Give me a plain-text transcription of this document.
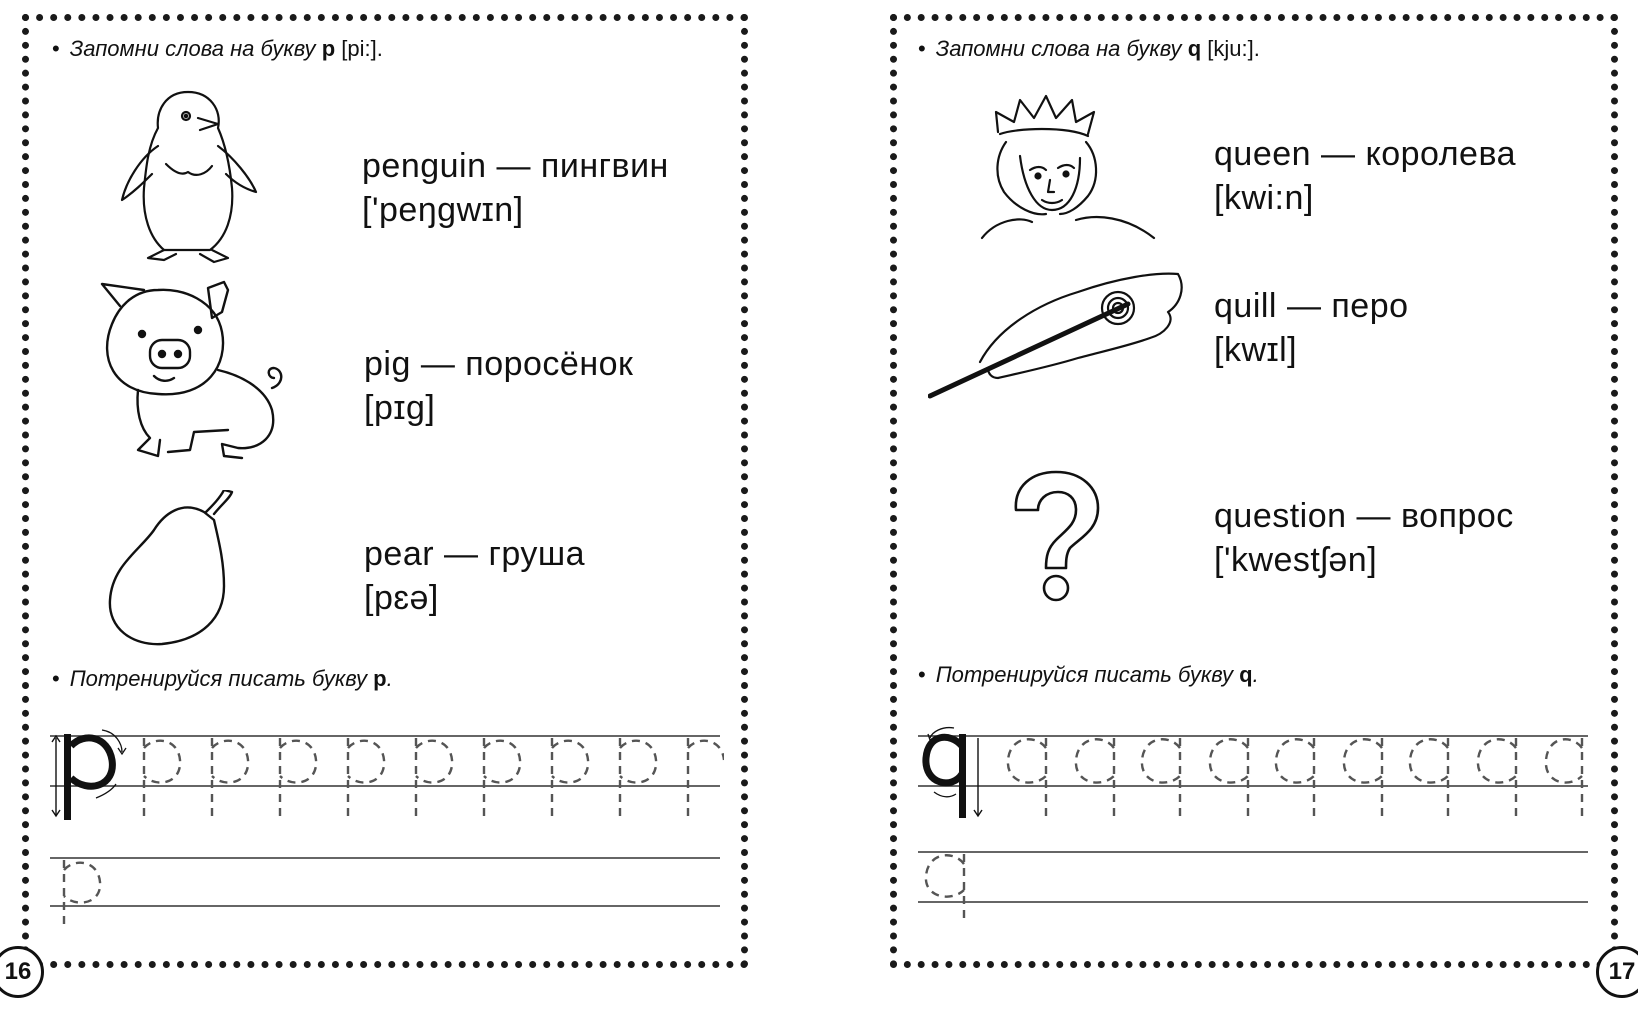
• Запомни слова на букву p [pi:].
penguin — пингвин
['peŋgwɪn]
pig — поросёнок
[pɪg]
pear — груша
[pɛə]
• Потренируйся писать букву p.
16
• Запомни слова на букву q [kju:].
queen — королева
[kwi:n]
quill — перо
[kwɪl]
question — вопрос
['kwestʃən]
• Потренируйся писать букву q.
17
